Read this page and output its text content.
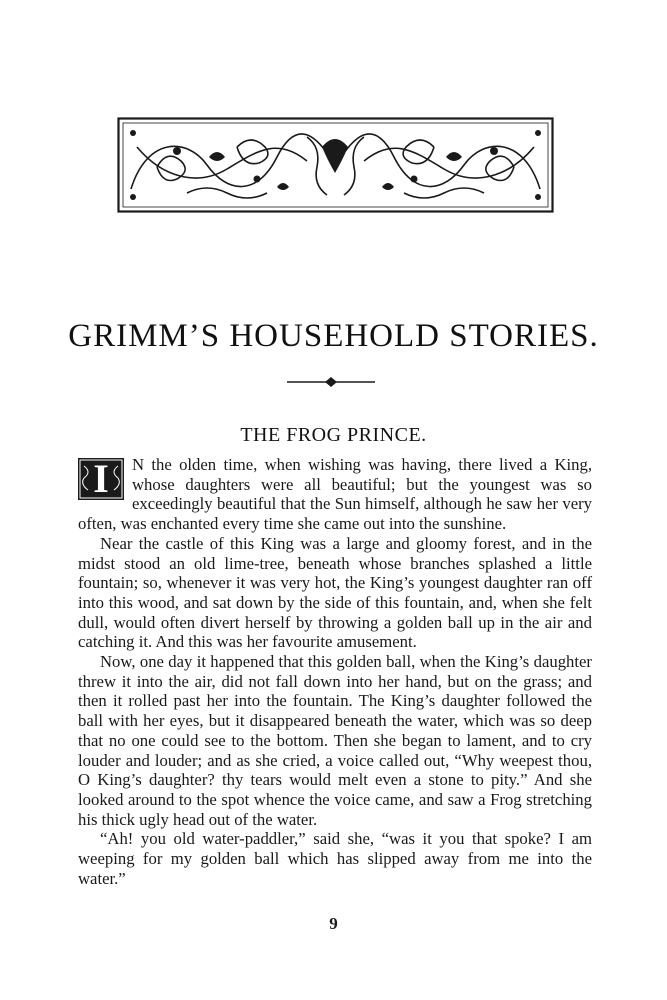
GRIMM’S HOUSEHOLD STORIES.
THE FROG PRINCE.

I	N the olden time, when wishing was having, there lived a King, whose daughters were all beautiful; but the youngest was so exceedingly beautiful that the Sun himself, although he saw her very often, was enchanted every time she came out into the sunshine.

Near the castle of this King was a large and gloomy forest, and in the midst stood an old lime-tree, beneath whose branches splashed a little fountain; so, whenever it was very hot, the King’s youngest daughter ran off into this wood, and sat down by the side of this fountain, and, when she felt dull, would often divert herself by throwing a golden ball up in the air and catching it. And this was her favourite amusement.

Now, one day it happened that this golden ball, when the King’s daughter threw it into the air, did not fall down into her hand, but on the grass; and then it rolled past her into the fountain. The King’s daughter followed the ball with her eyes, but it disappeared beneath the water, which was so deep that no one could see to the bottom. Then she began to lament, and to cry louder and louder; and as she cried, a voice called out, “Why weepest thou, O King’s daughter? thy tears would melt even a stone to pity.” And she looked around to the spot whence the voice came, and saw a Frog stretching his thick ugly head out of the water.

“Ah! you old water-paddler,” said she, “was it you that spoke? I am weeping for my golden ball which has slipped away from me into the water.”

9
